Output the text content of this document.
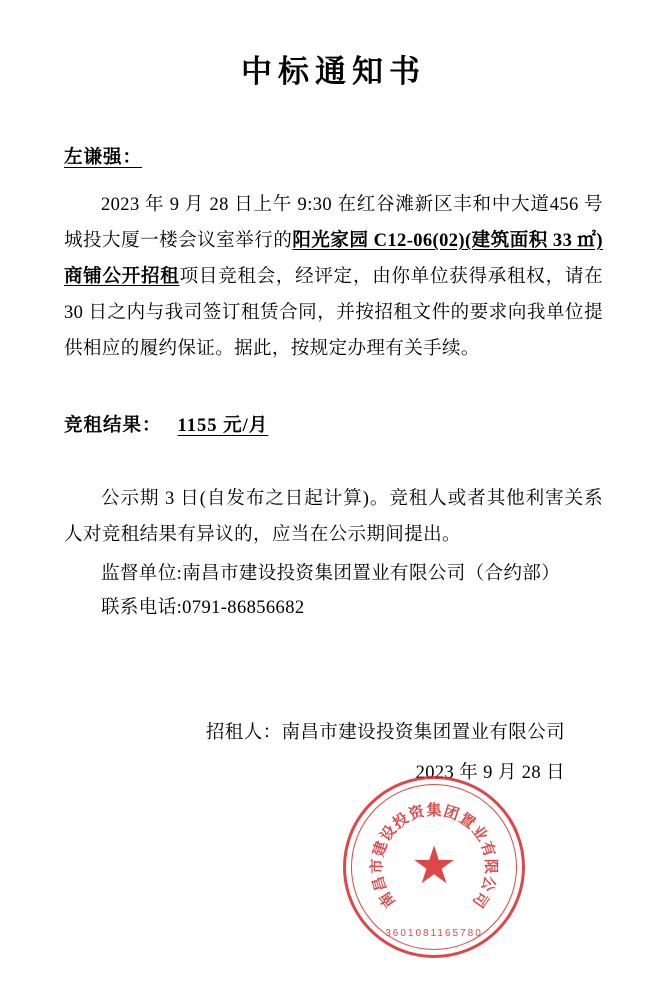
中标通知书
左谦强：
2023 年 9 月 28 日上午 9:30 在红谷滩新区丰和中大道456 号城投大厦一楼会议室举行的阳光家园 C12-06(02)(建筑面积 33 ㎡) 商铺公开招租项目竞租会，经评定，由你单位获得承租权，请在 30 日之内与我司签订租赁合同，并按招租文件的要求向我单位提供相应的履约保证。据此，按规定办理有关手续。
竞租结果： 1155 元/月
公示期 3 日(自发布之日起计算)。竞租人或者其他利害关系人对竞租结果有异议的，应当在公示期间提出。
监督单位:南昌市建设投资集团置业有限公司（合约部）
联系电话:0791-86856682
招租人：南昌市建设投资集团置业有限公司
2023 年 9 月 28 日
南
昌
市
建
设
投
资 集 团
置
业
有
限
公
司
★
3601081165780
